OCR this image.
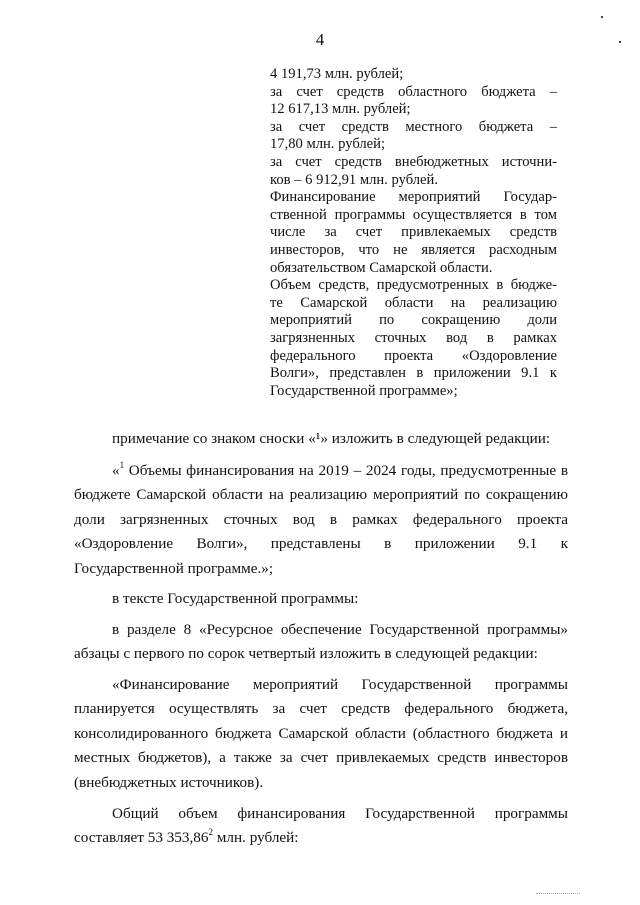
4
4 191,73 млн. рублей;
за счет средств областного бюджета –
12 617,13 млн. рублей;
за счет средств местного бюджета –
17,80 млн. рублей;
за счет средств внебюджетных источни-
ков – 6 912,91 млн. рублей.
Финансирование мероприятий Государ-
ственной программы осуществляется в том
числе за счет привлекаемых средств
инвесторов, что не является расходным
обязательством Самарской области.
Объем средств, предусмотренных в бюдже-
те Самарской области на реализацию
мероприятий по сокращению доли
загрязненных сточных вод в рамках
федерального проекта «Оздоровление
Волги», представлен в приложении 9.1 к
Государственной программе»;
примечание со знаком сноски «¹» изложить в следующей редакции:
«$^1$ Объемы финансирования на 2019 – 2024 годы, предусмотренные в
бюджете Самарской области на реализацию мероприятий по сокращению
доли загрязненных сточных вод в рамках федерального проекта
«Оздоровление Волги», представлены в приложении 9.1 к
Государственной программе.»;
в тексте Государственной программы:
в разделе 8 «Ресурсное обеспечение Государственной программы»
абзацы с первого по сорок четвертый изложить в следующей редакции:
«Финансирование мероприятий Государственной программы
планируется осуществлять за счет средств федерального бюджета,
консолидированного бюджета Самарской области (областного бюджета и
местных бюджетов), а также за счет привлекаемых средств инвесторов
(внебюджетных источников).
Общий объем финансирования Государственной программы
составляет 53 353,86$^2$ млн. рублей:
